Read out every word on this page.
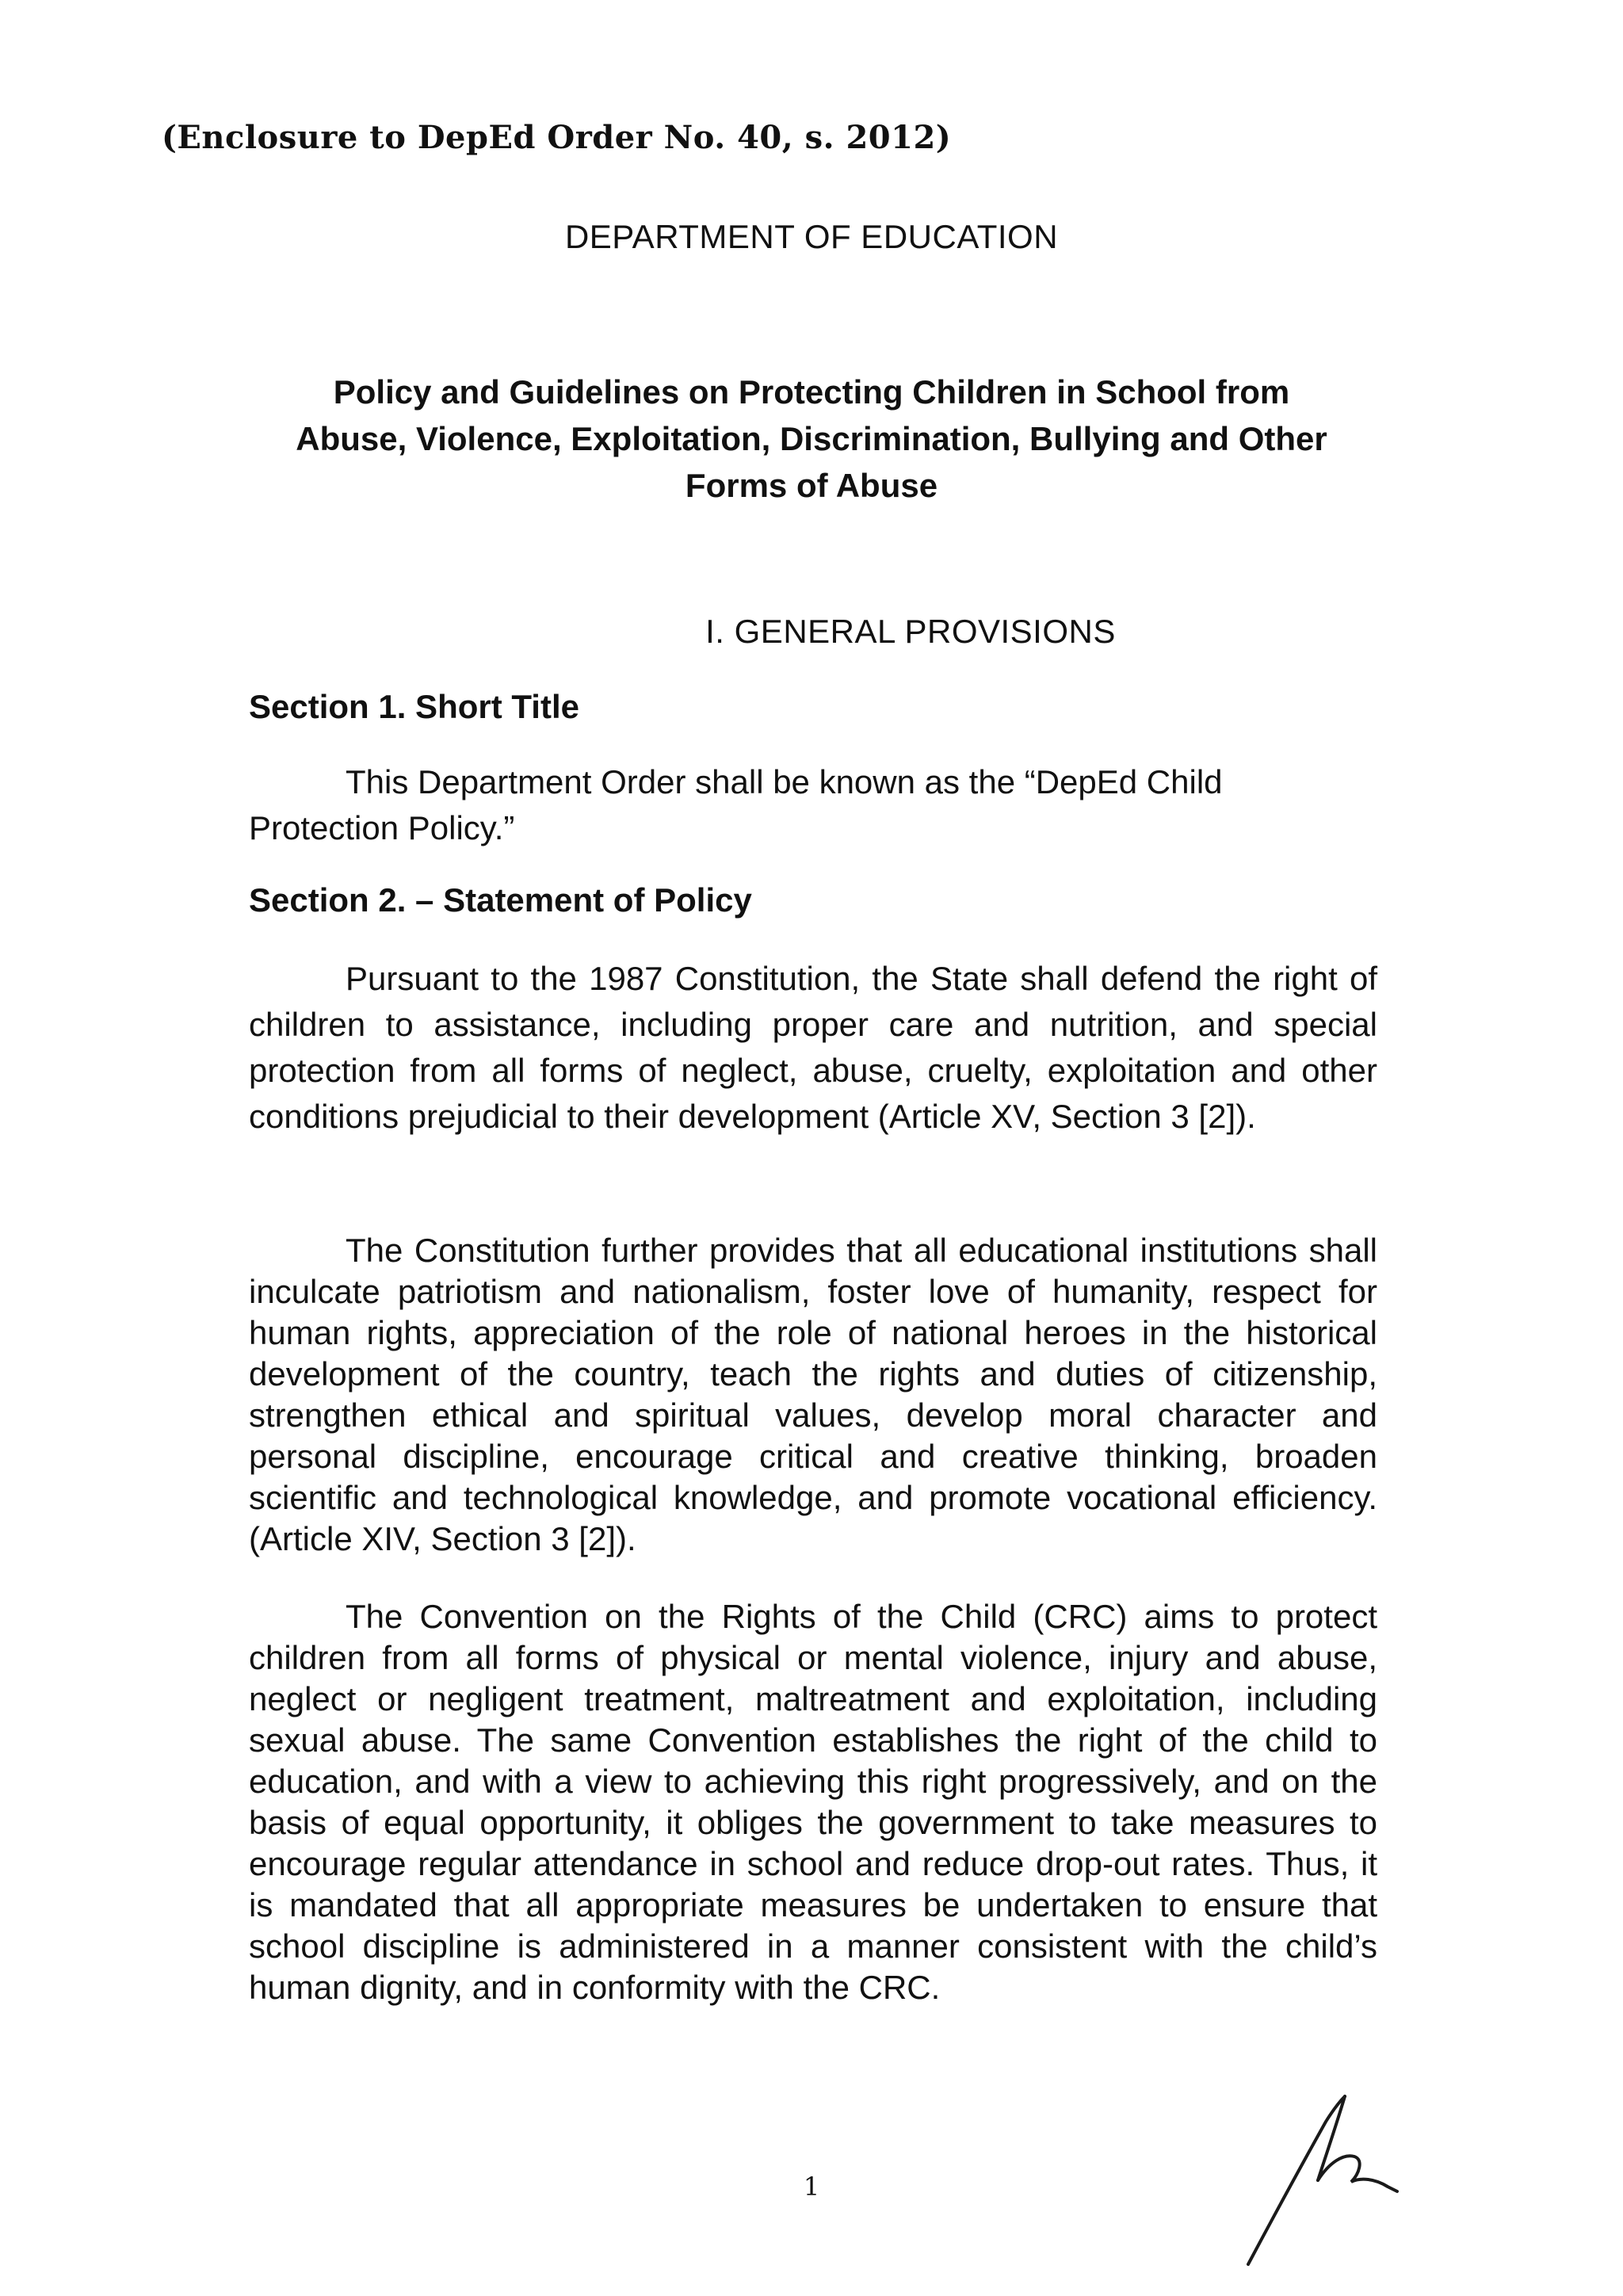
(Enclosure to DepEd Order No. 40, s. 2012)
DEPARTMENT OF EDUCATION
Policy and Guidelines on Protecting Children in School from
Abuse, Violence, Exploitation, Discrimination, Bullying and Other
Forms of Abuse
I. GENERAL PROVISIONS
Section 1. Short Title

This Department Order shall be known as the “DepEd Child Protection Policy.”

Section 2. – Statement of Policy

Pursuant to the 1987 Constitution, the State shall defend the right of children to assistance, including proper care and nutrition, and special protection from all forms of neglect, abuse, cruelty, exploitation and other conditions prejudicial to their development (Article XV, Section 3 [2]).

The Constitution further provides that all educational institutions shall inculcate patriotism and nationalism, foster love of humanity, respect for human rights, appreciation of the role of national heroes in the historical development of the country, teach the rights and duties of citizenship, strengthen ethical and spiritual values, develop moral character and personal discipline, encourage critical and creative thinking, broaden scientific and technological knowledge, and promote vocational efficiency. (Article XIV, Section 3 [2]).

The Convention on the Rights of the Child (CRC) aims to protect children from all forms of physical or mental violence, injury and abuse, neglect or negligent treatment, maltreatment and exploitation, including sexual abuse. The same Convention establishes the right of the child to education, and with a view to achieving this right progressively, and on the basis of equal opportunity, it obliges the government to take measures to encourage regular attendance in school and reduce drop-out rates. Thus, it is mandated that all appropriate measures be undertaken to ensure that school discipline is administered in a manner consistent with the child’s human dignity, and in conformity with the CRC.

1
